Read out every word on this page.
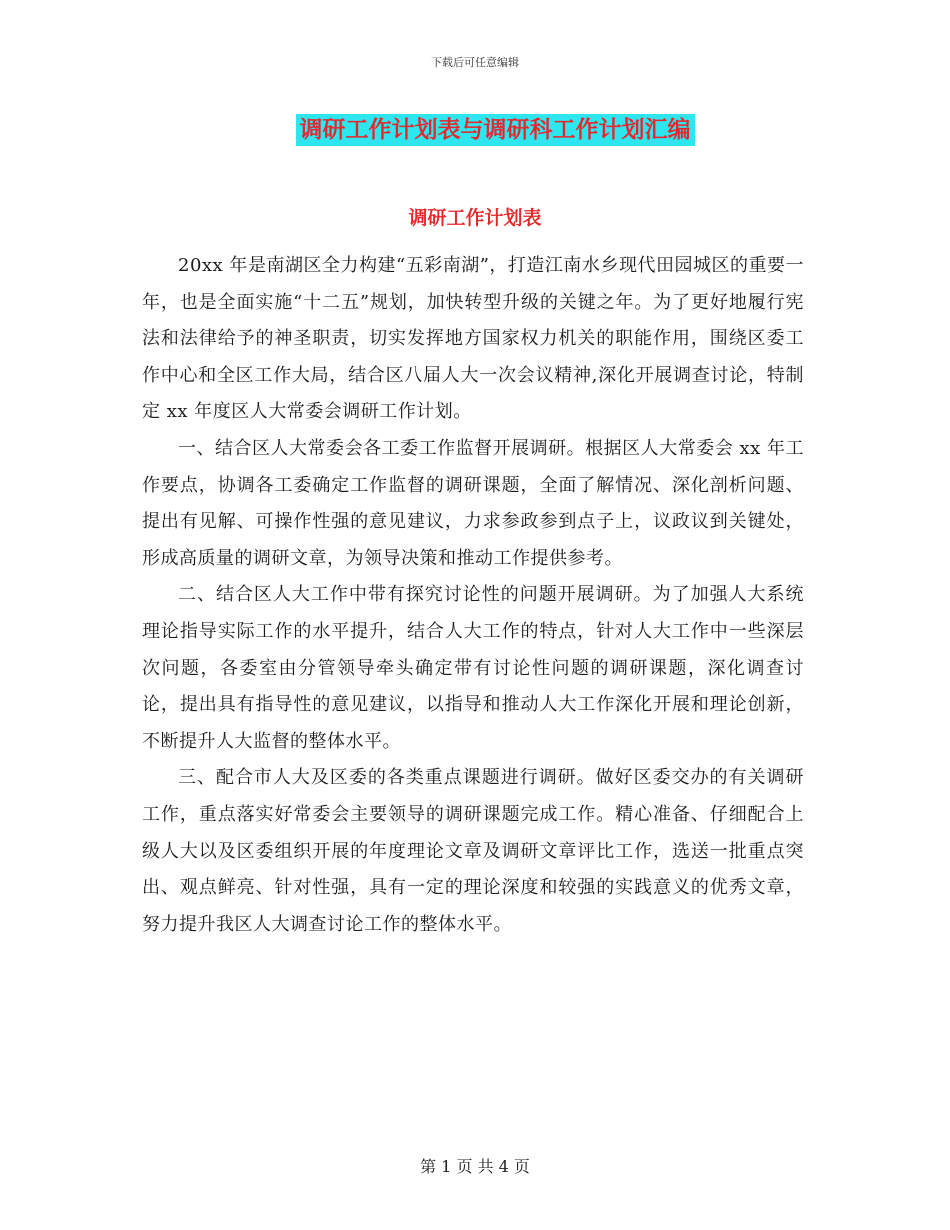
下载后可任意编辑
调研工作计划表与调研科工作计划汇编
调研工作计划表

20xx 年是南湖区全力构建“五彩南湖”，打造江南水乡现代田园城区的重要一年，也是全面实施“十二五”规划，加快转型升级的关键之年。为了更好地履行宪法和法律给予的神圣职责，切实发挥地方国家权力机关的职能作用，围绕区委工作中心和全区工作大局，结合区八届人大一次会议精神,深化开展调查讨论，特制定 xx 年度区人大常委会调研工作计划。

一、结合区人大常委会各工委工作监督开展调研。根据区人大常委会 xx 年工作要点，协调各工委确定工作监督的调研课题，全面了解情况、深化剖析问题、提出有见解、可操作性强的意见建议，力求参政参到点子上，议政议到关键处，形成高质量的调研文章，为领导决策和推动工作提供参考。

二、结合区人大工作中带有探究讨论性的问题开展调研。为了加强人大系统理论指导实际工作的水平提升，结合人大工作的特点，针对人大工作中一些深层次问题，各委室由分管领导牵头确定带有讨论性问题的调研课题，深化调查讨论，提出具有指导性的意见建议，以指导和推动人大工作深化开展和理论创新，不断提升人大监督的整体水平。

三、配合市人大及区委的各类重点课题进行调研。做好区委交办的有关调研工作，重点落实好常委会主要领导的调研课题完成工作。精心准备、仔细配合上级人大以及区委组织开展的年度理论文章及调研文章评比工作，选送一批重点突出、观点鲜亮、针对性强，具有一定的理论深度和较强的实践意义的优秀文章，努力提升我区人大调查讨论工作的整体水平。

第 1 页 共 4 页
